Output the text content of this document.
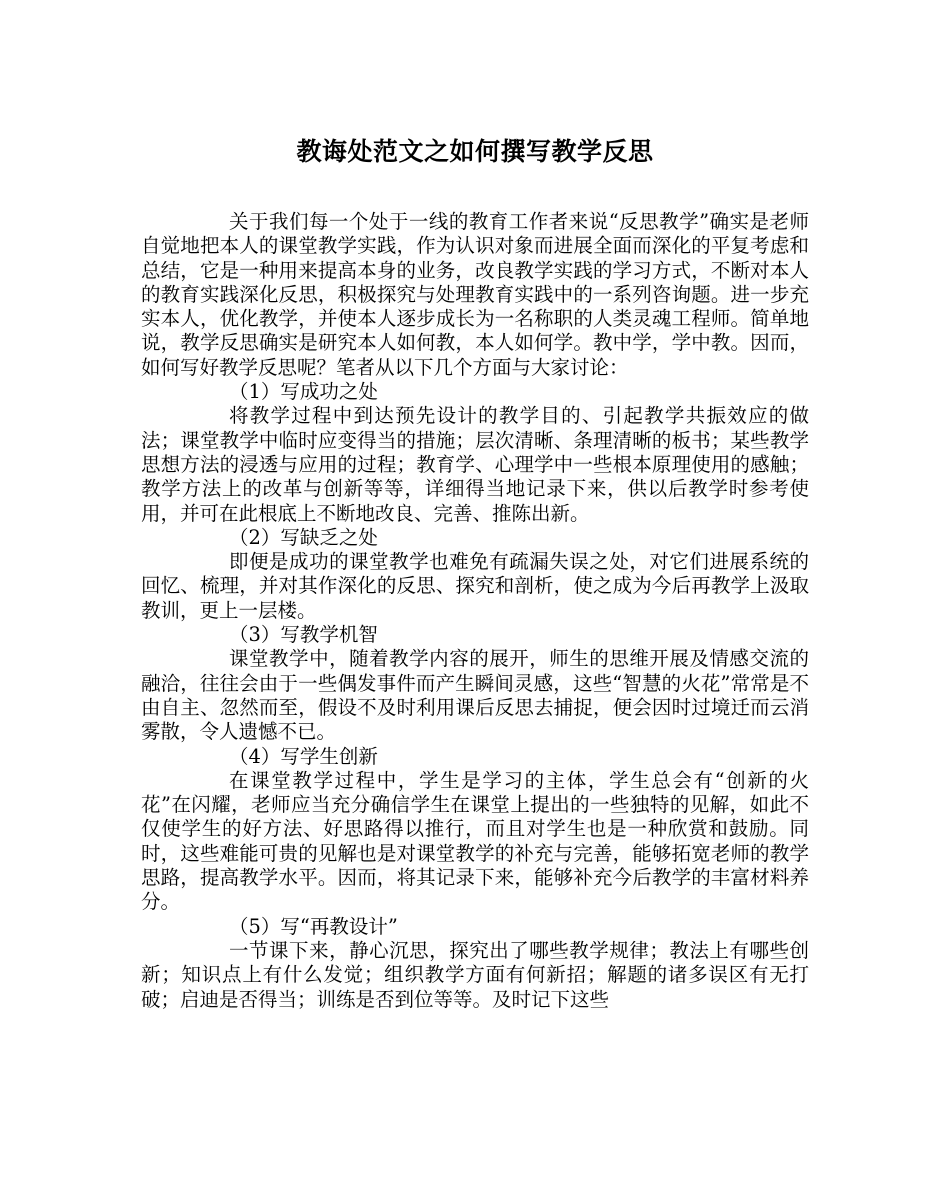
教诲处范文之如何撰写教学反思

关于我们每一个处于一线的教育工作者来说“反思教学”确实是老师自觉地把本人的课堂教学实践，作为认识对象而进展全面而深化的平复考虑和总结，它是一种用来提高本身的业务，改良教学实践的学习方式，不断对本人的教育实践深化反思，积极探究与处理教育实践中的一系列咨询题。进一步充实本人，优化教学，并使本人逐步成长为一名称职的人类灵魂工程师。简单地说，教学反思确实是研究本人如何教，本人如何学。教中学，学中教。因而，如何写好教学反思呢？笔者从以下几个方面与大家讨论：

（1）写成功之处

将教学过程中到达预先设计的教学目的、引起教学共振效应的做法；课堂教学中临时应变得当的措施；层次清晰、条理清晰的板书；某些教学思想方法的浸透与应用的过程；教育学、心理学中一些根本原理使用的感触；教学方法上的改革与创新等等，详细得当地记录下来，供以后教学时参考使用，并可在此根底上不断地改良、完善、推陈出新。

（2）写缺乏之处

即便是成功的课堂教学也难免有疏漏失误之处，对它们进展系统的回忆、梳理，并对其作深化的反思、探究和剖析，使之成为今后再教学上汲取教训，更上一层楼。

（3）写教学机智

课堂教学中，随着教学内容的展开，师生的思维开展及情感交流的融洽，往往会由于一些偶发事件而产生瞬间灵感，这些“智慧的火花”常常是不由自主、忽然而至，假设不及时利用课后反思去捕捉，便会因时过境迁而云消雾散，令人遗憾不已。

（4）写学生创新

在课堂教学过程中，学生是学习的主体，学生总会有“创新的火花”在闪耀，老师应当充分确信学生在课堂上提出的一些独特的见解，如此不仅使学生的好方法、好思路得以推行，而且对学生也是一种欣赏和鼓励。同时，这些难能可贵的见解也是对课堂教学的补充与完善，能够拓宽老师的教学思路，提高教学水平。因而，将其记录下来，能够补充今后教学的丰富材料养分。

（5）写“再教设计”

一节课下来，静心沉思，探究出了哪些教学规律；教法上有哪些创新；知识点上有什么发觉；组织教学方面有何新招；解题的诸多误区有无打破；启迪是否得当；训练是否到位等等。及时记下这些
